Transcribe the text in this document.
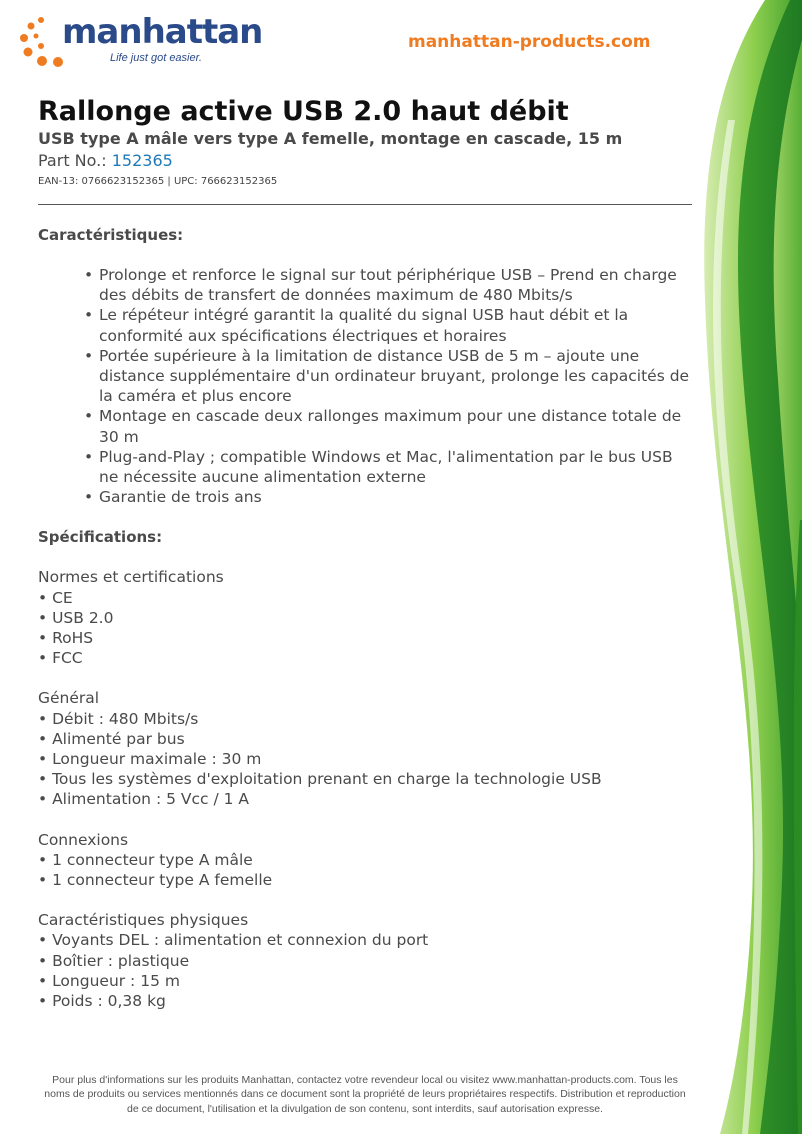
manhattan
Life just got easier.
manhattan-products.com
Rallonge active USB 2.0 haut débit
USB type A mâle vers type A femelle, montage en cascade, 15 m
Part No.: 152365
EAN-13: 0766623152365 | UPC: 766623152365
Caractéristiques:
• Prolonge et renforce le signal sur tout périphérique USB – Prend en charge des débits de transfert de données maximum de 480 Mbits/s
• Le répéteur intégré garantit la qualité du signal USB haut débit et la conformité aux spécifications électriques et horaires
• Portée supérieure à la limitation de distance USB de 5 m – ajoute une distance supplémentaire d'un ordinateur bruyant, prolonge les capacités de la caméra et plus encore
• Montage en cascade deux rallonges maximum pour une distance totale de 30 m
• Plug-and-Play ; compatible Windows et Mac, l'alimentation par le bus USB ne nécessite aucune alimentation externe
• Garantie de trois ans
Spécifications:
Normes et certifications
• CE
• USB 2.0
• RoHS
• FCC
Général
• Débit : 480 Mbits/s
• Alimenté par bus
• Longueur maximale : 30 m
• Tous les systèmes d'exploitation prenant en charge la technologie USB
• Alimentation : 5 Vcc / 1 A
Connexions
• 1 connecteur type A mâle
• 1 connecteur type A femelle
Caractéristiques physiques
• Voyants DEL : alimentation et connexion du port
• Boîtier : plastique
• Longueur : 15 m
• Poids : 0,38 kg
Pour plus d'informations sur les produits Manhattan, contactez votre revendeur local ou visitez www.manhattan-products.com. Tous les noms de produits ou services mentionnés dans ce document sont la propriété de leurs propriétaires respectifs. Distribution et reproduction de ce document, l'utilisation et la divulgation de son contenu, sont interdits, sauf autorisation expresse.
